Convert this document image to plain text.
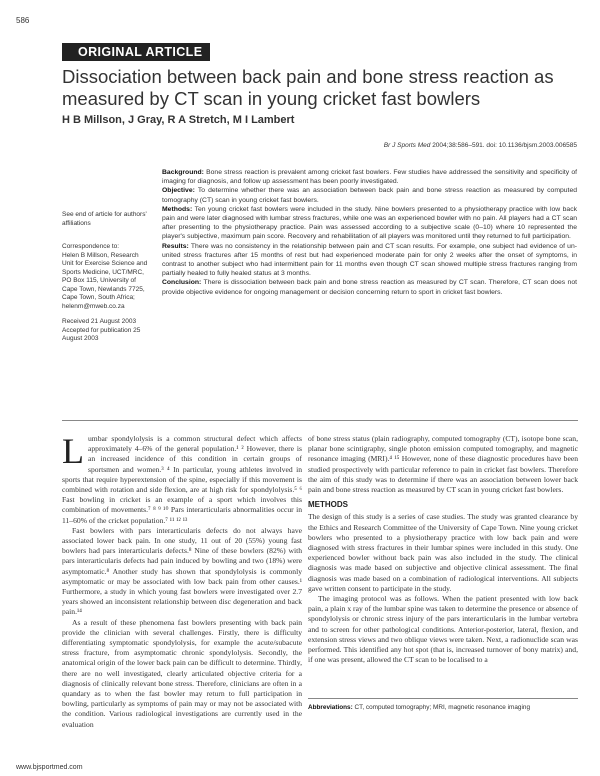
586
ORIGINAL ARTICLE
Dissociation between back pain and bone stress reaction as measured by CT scan in young cricket fast bowlers
H B Millson, J Gray, R A Stretch, M I Lambert
Br J Sports Med 2004;38:586–591. doi: 10.1136/bjsm.2003.006585

Background: Bone stress reaction is prevalent among cricket fast bowlers. Few studies have addressed the sensitivity and specificity of imaging for diagnosis, and follow up assessment has been poorly investigated.

Objective: To determine whether there was an association between back pain and bone stress reaction as measured by computed tomography (CT) scan in young cricket fast bowlers.

Methods: Ten young cricket fast bowlers were included in the study. Nine bowlers presented to a physiotherapy practice with low back pain and were later diagnosed with lumbar stress fractures, while one was an experienced bowler with no pain. All players had a CT scan after presenting to the physiotherapy practice. Pain was assessed according to a subjective scale (0–10) where 10 represented the player's subjective, maximum pain score. Recovery and rehabilitation of all players was monitored until they returned to full participation.

Results: There was no consistency in the relationship between pain and CT scan results. For example, one subject had evidence of un-united stress fractures after 15 months of rest but had experienced moderate pain for only 2 weeks after the onset of symptoms, in contrast to another subject who had intermittent pain for 11 months even though CT scan showed multiple stress fractures ranging from partially healed to fully healed status at 3 months.

Conclusion: There is dissociation between back pain and bone stress reaction as measured by CT scan. Therefore, CT scan does not provide objective evidence for ongoing management or decision concerning return to sport in cricket fast bowlers.

See end of article for authors' affiliations

Correspondence to:

Helen B Millson, Research Unit for Exercise Science and Sports Medicine, UCT/MRC, PO Box 115, University of Cape Town, Newlands 7725, Cape Town, South Africa; helenm@mweb.co.za

Received 21 August 2003

Accepted for publication 25 August 2003

Lumbar spondylolysis is a common structural defect which affects approximately 4–6% of the general population.¹ ² However, there is an increased incidence of this condition in certain groups of sportsmen and women.³ ⁴ In particular, young athletes involved in sports that require hyperextension of the spine, especially if this movement is combined with rotation and side flexion, are at high risk for spondylolysis.⁵ ⁶ Fast bowling in cricket is an example of a sport which involves this combination of movements.⁷ ⁸ ⁹ ¹⁰ Pars interarticularis abnormalities occur in 11–60% of the cricket population.⁷ ¹¹ ¹² ¹³

Fast bowlers with pars interarticularis defects do not always have associated lower back pain. In one study, 11 out of 20 (55%) young fast bowlers had pars interarticularis defects.⁸ Nine of these bowlers (82%) with pars interarticularis defects had pain induced by bowling and two (18%) were asymptomatic.⁸ Another study has shown that spondylolysis is commonly asymptomatic or may be associated with low back pain from other causes.¹ Furthermore, a study in which young fast bowlers were investigated over 2.7 years showed an inconsistent relationship between disc degeneration and back pain.¹⁴

As a result of these phenomena fast bowlers presenting with back pain provide the clinician with several challenges. Firstly, there is difficulty differentiating symptomatic spondylolysis, for example the acute/subacute stress fracture, from asymptomatic chronic spondylolysis. Secondly, the anatomical origin of the lower back pain can be difficult to determine. Thirdly, there are no well investigated, clearly articulated objective criteria for a diagnosis of clinically relevant bone stress. Therefore, clinicians are often in a quandary as to when the fast bowler may return to full participation in bowling, particularly as symptoms of pain may or may not be associated with the condition. Various radiological investigations are currently used in the evaluation

of bone stress status (plain radiography, computed tomography (CT), isotope bone scan, planar bone scintigraphy, single photon emission computed tomography, and magnetic resonance imaging (MRI).⁴ ¹⁵ However, none of these diagnostic procedures have been studied prospectively with particular reference to pain in cricket fast bowlers. Therefore the aim of this study was to determine if there was an association between lower back pain and bone stress reaction as measured by CT scan in young cricket fast bowlers.

METHODS

The design of this study is a series of case studies. The study was granted clearance by the Ethics and Research Committee of the University of Cape Town. Nine young cricket bowlers who presented to a physiotherapy practice with low back pain and were diagnosed with stress fractures in their lumbar spines were included in this study. One experienced bowler without back pain was also included in the study. The clinical diagnosis was made based on subjective and objective clinical assessment. The final diagnosis was made based on a combination of radiological interventions. All subjects gave written consent to participate in the study.

The imaging protocol was as follows. When the patient presented with low back pain, a plain x ray of the lumbar spine was taken to determine the presence or absence of spondylolysis or chronic stress injury of the pars interarticularis in the lumbar vertebra and to screen for other pathological conditions. Anterior-posterior, lateral, flexion, and extension stress views and two oblique views were taken. Next, a radionuclide scan was performed. This identified any hot spot (that is, increased turnover of bony matrix) and, if one was present, allowed the CT scan to be localised to a

Abbreviations: CT, computed tomography; MRI, magnetic resonance imaging
www.bjsportmed.com
